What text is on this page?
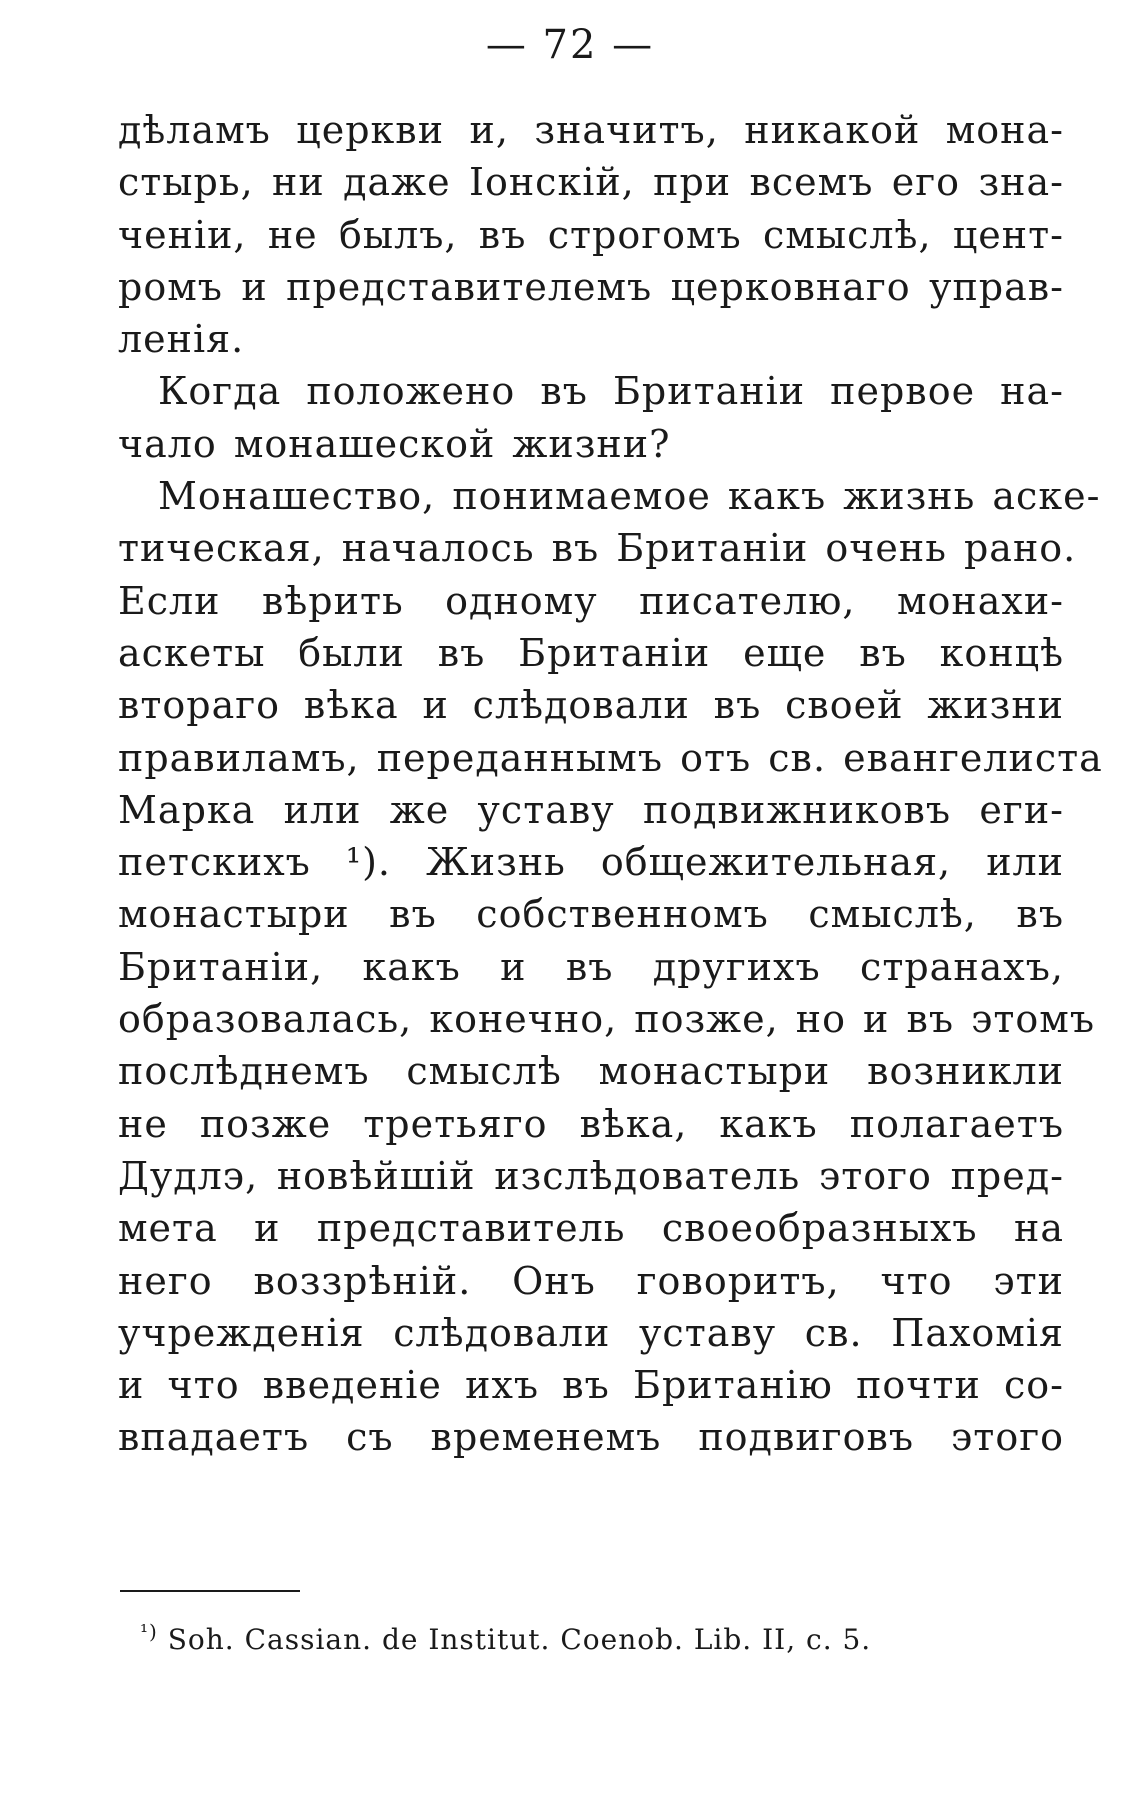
— 72 —
дѣламъ церкви и, значитъ, никакой мона-
стырь, ни даже Іонскій, при всемъ его зна-
ченіи, не былъ, въ строгомъ смыслѣ, цент-
ромъ и представителемъ церковнаго управ-
ленія.
Когда положено въ Британіи первое на-
чало монашеской жизни?
Монашество, понимаемое какъ жизнь аске-
тическая, началось въ Британіи очень рано.
Если вѣрить одному писателю, монахи-
аскеты были въ Британіи еще въ концѣ
втораго вѣка и слѣдовали въ своей жизни
правиламъ, переданнымъ отъ св. евангелиста
Марка или же уставу подвижниковъ еги-
петскихъ ¹). Жизнь общежительная, или
монастыри въ собственномъ смыслѣ, въ
Британіи, какъ и въ другихъ странахъ,
образовалась, конечно, позже, но и въ этомъ
послѣднемъ смыслѣ монастыри возникли
не позже третьяго вѣка, какъ полагаетъ
Дудлэ, новѣйшій изслѣдователь этого пред-
мета и представитель своеобразныхъ на
него воззрѣній. Онъ говоритъ, что эти
учрежденія слѣдовали уставу св. Пахомія
и что введеніе ихъ въ Британію почти со-
впадаетъ съ временемъ подвиговъ этого
$^{^1)}$ Soh. Cassian. de Institut. Coenob. Lib. II, c. 5.
